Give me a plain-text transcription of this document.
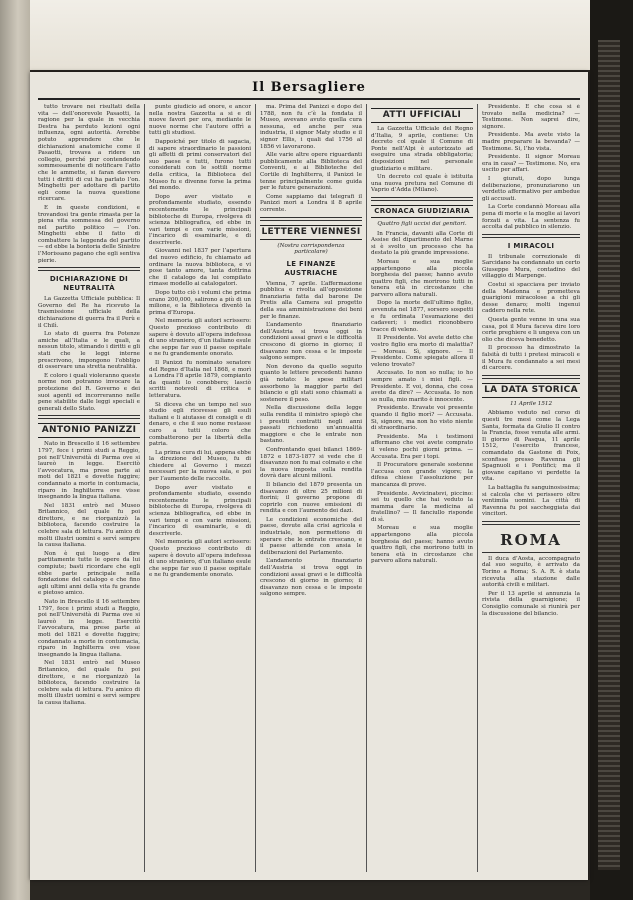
Il Bersagliere

tutto trovare nei risultati della vita — dell’onorevole Pasaotti, la ragione per la quale in vecchia Destra ha perduto lezioni ogni influenza, ogni autorità. Avrebbe potuto apprendere che le dichiarazioni anatomiche come il Pasaotti, trovava a ridere un collegio, perché pur contendendo sommessamente di notificare l’atto che le ammette, si faran davvero tutti i diritti di cui ha parlato l’on. Minghetti per adottare di partito egli come la nuova questione ricercare.

E in queste condizioni, e trovandosi tra gente rimasta per la piena vita sommessa del governo nel partito politico — l’on. Minghetti ebbe il fatto di combattere la leggenda del partito — ed ebbe la bontoria delle Sinistre l’Morissano pagano che egli sentiva pierie.

DICHIARAZIONE DI NEUTRALITÀ

La Gazzetta Ufficiale pubblica: Il Governo del Re ha ricevuto la trasmissione ufficiale della dichiarazione di guerra fra il Perù e il Chilì.

Lo stato di guerra fra Potenze amiche all’Italia e le quali, a nessun titolo, stimando i diritti e gli stati che le leggi interne prescrivono, impongono l’obbligo di osservare una stretta neutralità.

E coloro i quali violeranno queste norme non potranno invocare la protezione del R. Governo e dei suoi agenti ed incorreranno nelle pene stabilite dalle leggi speciali e generali dello Stato.

ANTONIO PANIZZI

Nato in Brescello il 16 settembre 1797, fece i primi studi a Reggio, poi nell’Università di Parma ove si laureò in legge. Esercitò l’avvocatura, ma prese parte ai moti del 1821 e dovette fuggire; condannato a morte in contumacia, riparo in Inghilterra ove visse insegnando la lingua italiana.

Nel 1831 entrò nel Museo Britannico, del quale fu poi direttore, e ne riorganizzò la biblioteca, facendo costruire la celebre sala di lettura. Fu amico di molti illustri uomini e servì sempre la causa italiana.

Non è qui luogo a dire partitamente tutte le opere da lui compiute; basti ricordare che egli ebbe parte principale nella fondazione del catalogo e che fino agli ultimi anni della vita fu grande e pietoso amico.

Nato in Brescello il 16 settembre 1797, fece i primi studi a Reggio, poi nell’Università di Parma ove si laureò in legge. Esercitò l’avvocatura, ma prese parte ai moti del 1821 e dovette fuggire; condannato a morte in contumacia, riparo in Inghilterra ove visse insegnando la lingua italiana.

Nel 1831 entrò nel Museo Britannico, del quale fu poi direttore, e ne riorganizzò la biblioteca, facendo costruire la celebre sala di lettura. Fu amico di molti illustri uomini e servì sempre la causa italiana.

punte giudicio ad onore, e ancor nella nostra Gazzetta a si e di nuove favori per ora, mediante le nuove norme che l’autore offrì a tutti gli studiosi.

Dappoiché per titolo di sagacia, di sapere straordinario le passioni gli affetti di primi conservatori del suo paese e tutti, furono tutti considerati con le sottili norme della critica, la Biblioteca del Museo fu e divenne forse la prima del mondo.

Dopo aver visitato e profondamente studiato, essendo recentemente le principali biblioteche di Europa, rivolgeva di scienza bibliografica, ed ebbe in vari tempi e con varie missioni, l’incarico di esaminarle, e di descriverle.

Giovanni nel 1837 per l’apertura del nuovo edificio, fu chiamato ad ordinare la nuova biblioteca, e vi pose tanto amore, tanta dottrina che il catalogo da lui compilato rimase modello ai catalogatori.

Dopo tutto ciò i volumi che prima erano 200,000, salirono a più di un milione, e la Biblioteca diventò la prima d’Europa.

Nel memoria gli autori scrissero: Questo prezioso contributo di sapere è dovuto all’opera indefessa di uno straniero, d’un italiano esule che seppe far suo il paese ospitale e ne fu grandemente onorato.

Il Panizzi fu nominato senatore del Regno d’Italia nel 1868, e morì a Londra l’8 aprile 1879, compianto da quanti lo conobbero; lasciò scritti notevoli di critica e letteratura.

Si diceva che un tempo nel suo studio egli ricevesse gli esuli italiani e li aiutasse di consigli e di denaro, e che il suo nome restasse caro a tutti coloro che combatterono per la libertà della patria.

La prima cura di lui, appena ebbe la direzione del Museo, fu di chiedere al Governo i mezzi necessari per la nuova sala, e poi per l’aumento delle raccolte.

Dopo aver visitato e profondamente studiato, essendo recentemente le principali biblioteche di Europa, rivolgeva di scienza bibliografica, ed ebbe in vari tempi e con varie missioni, l’incarico di esaminarle, e di descriverle.

Nel memoria gli autori scrissero: Questo prezioso contributo di sapere è dovuto all’opera indefessa di uno straniero, d’un italiano esule che seppe far suo il paese ospitale e ne fu grandemente onorato.

ma. Prima del Panizzi e dopo del 1788, non fu c’è la fondata il Museo, avevano avuto quella cura nessuna, ed anche per sua industria, il signor Maty studio e il signor Ellis, i quali dal 1756 al 1856 vi lavorarono.

Alle varie altre opere riguardanti pubblicamente alla Biblioteca del Conventi, e ai Biblioteche del Cortile di Inghilterra, il Panizzi le tenne principalmente come guida per le future generazioni.

Come sappiamo dai telegrafi il Panizzi mori a Londra il 8 aprile corrente.

LETTERE VIENNESI
(Nostra corrispondenza particolare)
LE FINANZE AUSTRIACHE

Vienna, 7 aprile. L’affermazione pubblica e rivolta all’opposizione finanziaria fatta dal barone De Pretis alla Camera sul progetto della sua amministrazione dei beni per le finanze.

L’andamento finanziario dell’Austria si trova oggi in condizioni assai gravi e le difficoltà crescono di giorno in giorno; il disavanzo non cessa e le imposte salgono sempre.

Non devono da quello seguito quanto le lettere precedenti hanno già notato: le spese militari assorbono la maggior parte del bilancio e gli stati sono chiamati a sostenere il peso.

Nella discussione della legge sulla rendita il ministro spiegò che i prestiti contratti negli anni passati richiedono un’annualità maggiore e che le entrate non bastano.

Confrontando quei bilanci 1869-1872 e 1873-1877 si vede che il disavanzo non fu mai colmato e che la nuova imposta sulla rendita dovrà dare alcuni milioni.

Il bilancio del 1879 presenta un disavanzo di oltre 25 milioni di fiorini; il governo propone di coprirlo con nuove emissioni di rendita e con l’aumento dei dazi.

Le condizioni economiche del paese, dovute alla crisi agricola e industriale, non permettono di sperare che le entrate crescano, e il paese attende con ansia le deliberazioni del Parlamento.

L’andamento finanziario dell’Austria si trova oggi in condizioni assai gravi e le difficoltà crescono di giorno in giorno; il disavanzo non cessa e le imposte salgono sempre.

ATTI UFFICIALI

La Gazzetta Ufficiale del Regno d’Italia, 9 aprile, contiene: Un decreto col quale il Comune di Ponte nell’Alpi è autorizzato ad eseguire una strada obbligatoria; disposizioni nel personale giudiziario e militare.

Un decreto col quale è istituita una nuova pretura nel Comune di Vaprio d’Adda (Milano).

CRONACA GIUDIZIARIA
Quattro figli uccisi dai genitori.

In Francia, davanti alla Corte di Assise del dipartimento del Marne si è svolto un processo che ha destato la più grande impressione.

Moreau e sua moglie appartengono alla piccola borghesia del paese; hanno avuto quattro figli, che morirono tutti in tenera età in circostanze che parvero allora naturali.

Dopo la morte dell’ultimo figlio, avvenuta nel 1877, sorsero sospetti e fu ordinata l’esumazione dei cadaveri; i medici riconobbero tracce di veleno.

Il Presidente. Voi avete detto che vostro figlio era morto di malattia? — Moreau. Sì, signore. — Il Presidente. Come spiegate allora il veleno trovato?

Accusato. Io non so nulla; io ho sempre amato i miei figli. — Presidente. E voi, donna, che cosa avete da dire? — Accusata. Io non so nulla, mio marito è innocente.

Presidente. Eravate voi presente quando il figlio morì? — Accusata. Si, signore, ma non ho visto niente di straordinario.

Presidente. Ma i testimoni affermano che voi avete comprato il veleno pochi giorni prima. — Accusata. Era per i topi.

Il Procuratore generale sostenne l’accusa con grande vigore; la difesa chiese l’assoluzione per mancanza di prove.

Presidente. Avvicinatevi, piccino: sei tu quello che hai veduto la mamma dare la medicina al fratellino? — Il fanciullo risponde di sì.

Moreau e sua moglie appartengono alla piccola borghesia del paese; hanno avuto quattro figli, che morirono tutti in tenera età in circostanze che parvero allora naturali.

Presidente. E che cosa si è trovato nella medicina? — Testimone. Non saprei dire, signore.

Presidente. Ma avete visto la madre preparare la bevanda? — Testimone. Si, l’ho vista.

Presidente. Il signor Moreau era in casa? — Testimone. No, era uscito per affari.

I giurati, dopo lunga deliberazione, pronunziarono un verdetto affermativo per ambedue gli accusati.

La Corte condannò Moreau alla pena di morte e la moglie ai lavori forzati a vita. La sentenza fu accolta dal pubblico in silenzio.

I MIRACOLI

Il tribunale correzionale di Sarcidano ha condannato un certo Giuseppe Mura, contadino del villaggio di Marpenge.

Costui si spacciava per inviato della Madonna e prometteva guarigioni miracolose a chi gli desse denaro; molti ingenui caddero nella rete.

Questa gente venne in una sua casa, poi il Mura faceva dire loro certe preghiere e li ungeva con un olio che diceva benedetto.

Il processo ha dimostrato la falsità di tutti i pretesi miracoli e il Mura fu condannato a sei mesi di carcere.

LA DATA STORICA
11 Aprile 1512

Abbiamo veduto nel corso di questi tre mesi come la Lega Santa, formata da Giulio II contro la Francia, fosse venuta alle armi. Il giorno di Pasqua, 11 aprile 1512, l’esercito francese, comandato da Gastone di Foix, sconfisse presso Ravenna gli Spagnuoli e i Pontifici; ma il giovane capitano vi perdette la vita.

La battaglia fu sanguinosissima; si calcola che vi perissero oltre ventimila uomini. La città di Ravenna fu poi saccheggiata dai vincitori.

ROMA

Il duca d’Aosta, accompagnato dal suo seguito, è arrivato da Torino a Roma; S. A. R. è stata ricevuta alla stazione dalle autorità civili e militari.

Per il 13 aprile si annunzia la rivista della guarnigione; il Consiglio comunale si riunirà per la discussione del bilancio.
